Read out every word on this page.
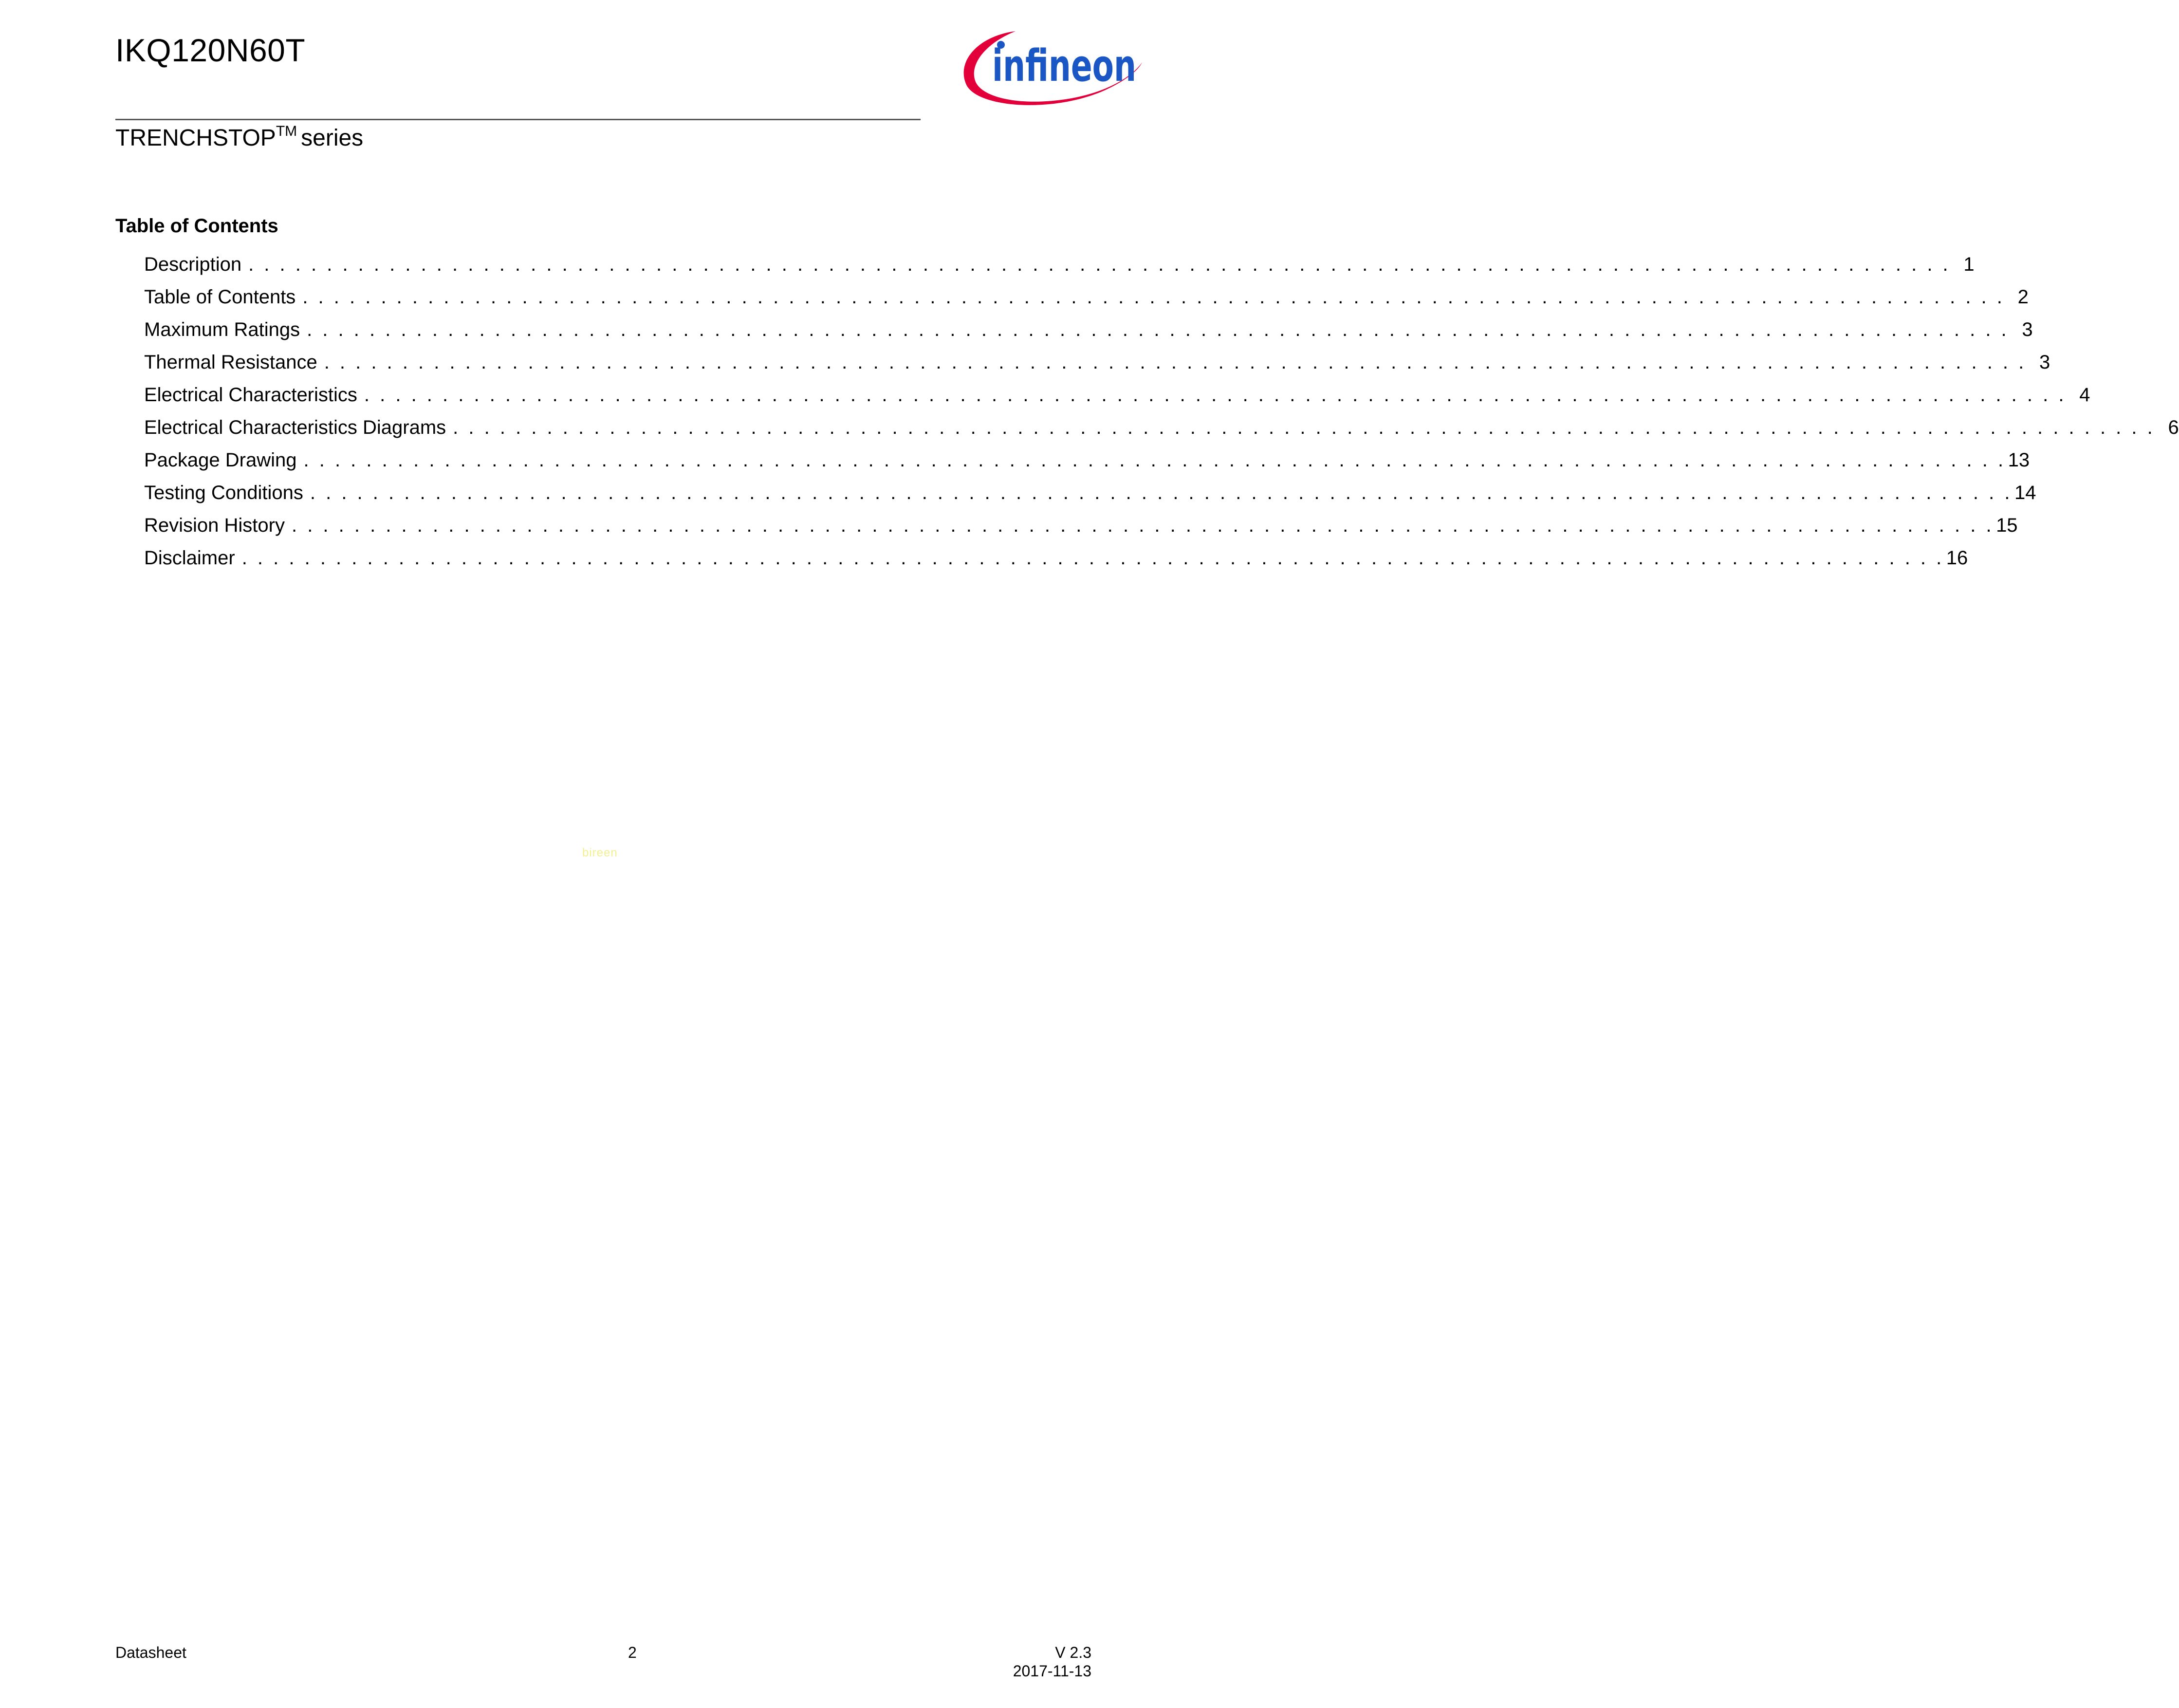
IKQ120N60T
TRENCHSTOP™ series
infineon
Table of Contents
Description . . .	1
Table of Contents . . .	2
Maximum Ratings . . .	3
Thermal Resistance . . .	3
Electrical Characteristics . . .	4
Electrical Characteristics Diagrams . . .	6
Package Drawing . . .	13
Testing Conditions . . .	14
Revision History . . .	15
Disclaimer . . .	16
bireen
Datasheet	2	V 2.3
2017-11-13
